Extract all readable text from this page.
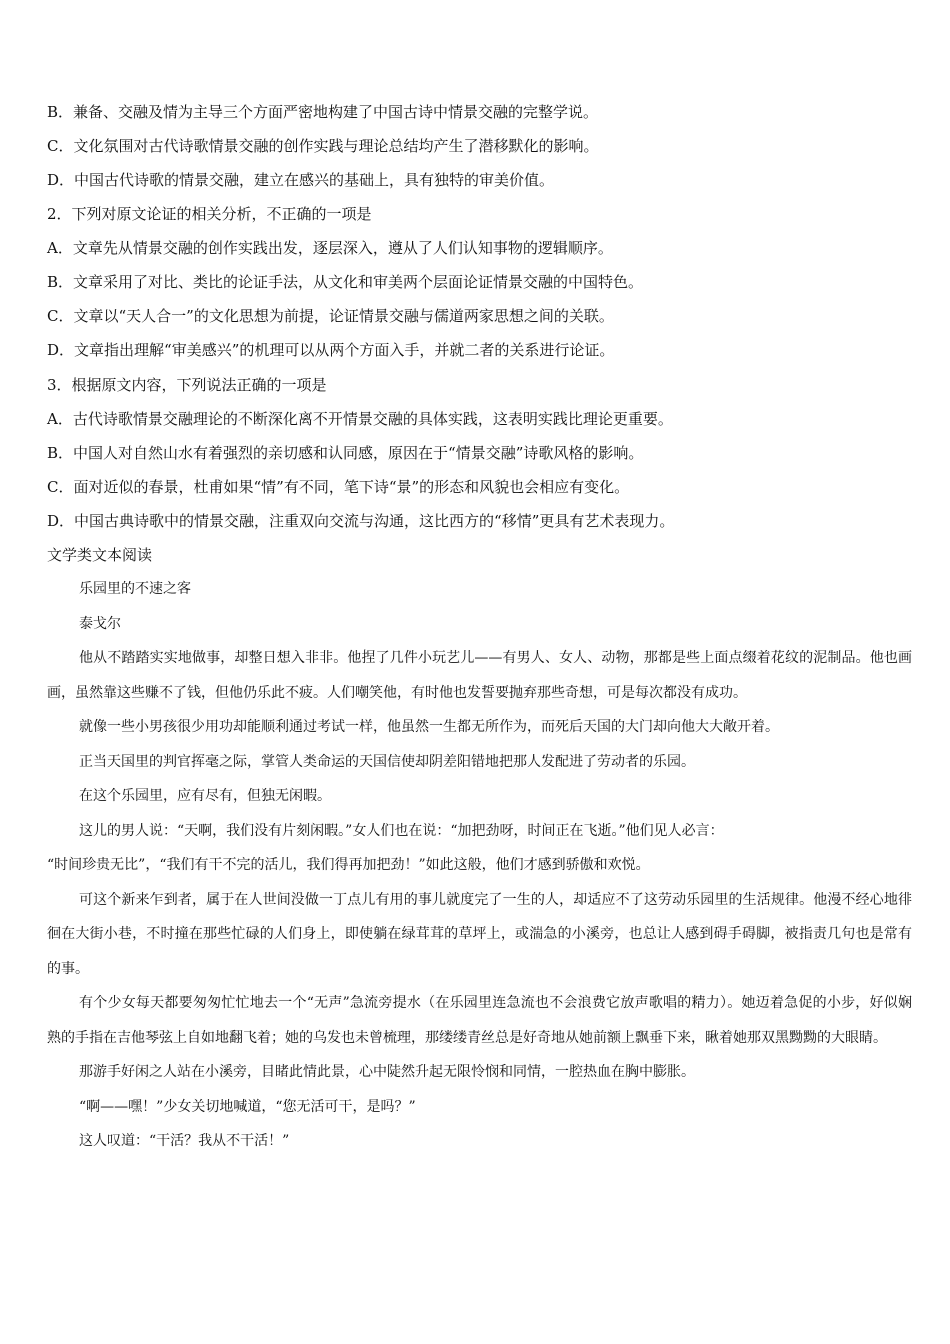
B．兼备、交融及情为主导三个方面严密地构建了中国古诗中情景交融的完整学说。
C．文化氛围对古代诗歌情景交融的创作实践与理论总结均产生了潜移默化的影响。
D．中国古代诗歌的情景交融，建立在感兴的基础上，具有独特的审美价值。
2．下列对原文论证的相关分析，不正确的一项是
A．文章先从情景交融的创作实践出发，逐层深入，遵从了人们认知事物的逻辑顺序。
B．文章采用了对比、类比的论证手法，从文化和审美两个层面论证情景交融的中国特色。
C．文章以“天人合一”的文化思想为前提，论证情景交融与儒道两家思想之间的关联。
D．文章指出理解“审美感兴”的机理可以从两个方面入手，并就二者的关系进行论证。
3．根据原文内容，下列说法正确的一项是
A．古代诗歌情景交融理论的不断深化离不开情景交融的具体实践，这表明实践比理论更重要。
B．中国人对自然山水有着强烈的亲切感和认同感，原因在于“情景交融”诗歌风格的影响。
C．面对近似的春景，杜甫如果“情”有不同，笔下诗“景”的形态和风貌也会相应有变化。
D．中国古典诗歌中的情景交融，注重双向交流与沟通，这比西方的“移情”更具有艺术表现力。
文学类文本阅读

乐园里的不速之客

泰戈尔

他从不踏踏实实地做事，却整日想入非非。他捏了几件小玩艺儿——有男人、女人、动物，那都是些上面点缀着花纹的泥制品。他也画画，虽然靠这些赚不了钱，但他仍乐此不疲。人们嘲笑他，有时他也发誓要抛弃那些奇想，可是每次都没有成功。

就像一些小男孩很少用功却能顺利通过考试一样，他虽然一生都无所作为，而死后天国的大门却向他大大敞开着。

正当天国里的判官挥毫之际，掌管人类命运的天国信使却阴差阳错地把那人发配进了劳动者的乐园。

在这个乐园里，应有尽有，但独无闲暇。

这儿的男人说：“天啊，我们没有片刻闲暇。”女人们也在说：“加把劲呀，时间正在飞逝。”他们见人必言：

“时间珍贵无比”，“我们有干不完的活儿，我们得再加把劲！”如此这般，他们才感到骄傲和欢悦。

可这个新来乍到者，属于在人世间没做一丁点儿有用的事儿就度完了一生的人，却适应不了这劳动乐园里的生活规律。他漫不经心地徘徊在大街小巷，不时撞在那些忙碌的人们身上，即使躺在绿茸茸的草坪上，或湍急的小溪旁，也总让人感到碍手碍脚，被指责几句也是常有的事。

有个少女每天都要匆匆忙忙地去一个“无声”急流旁提水（在乐园里连急流也不会浪费它放声歌唱的精力）。她迈着急促的小步，好似娴熟的手指在吉他琴弦上自如地翻飞着；她的乌发也未曾梳理，那缕缕青丝总是好奇地从她前额上飘垂下来，瞅着她那双黑黝黝的大眼睛。

那游手好闲之人站在小溪旁，目睹此情此景，心中陡然升起无限怜悯和同情，一腔热血在胸中膨胀。

“啊——嘿！”少女关切地喊道，“您无活可干，是吗？”

这人叹道：“干活？我从不干活！”
